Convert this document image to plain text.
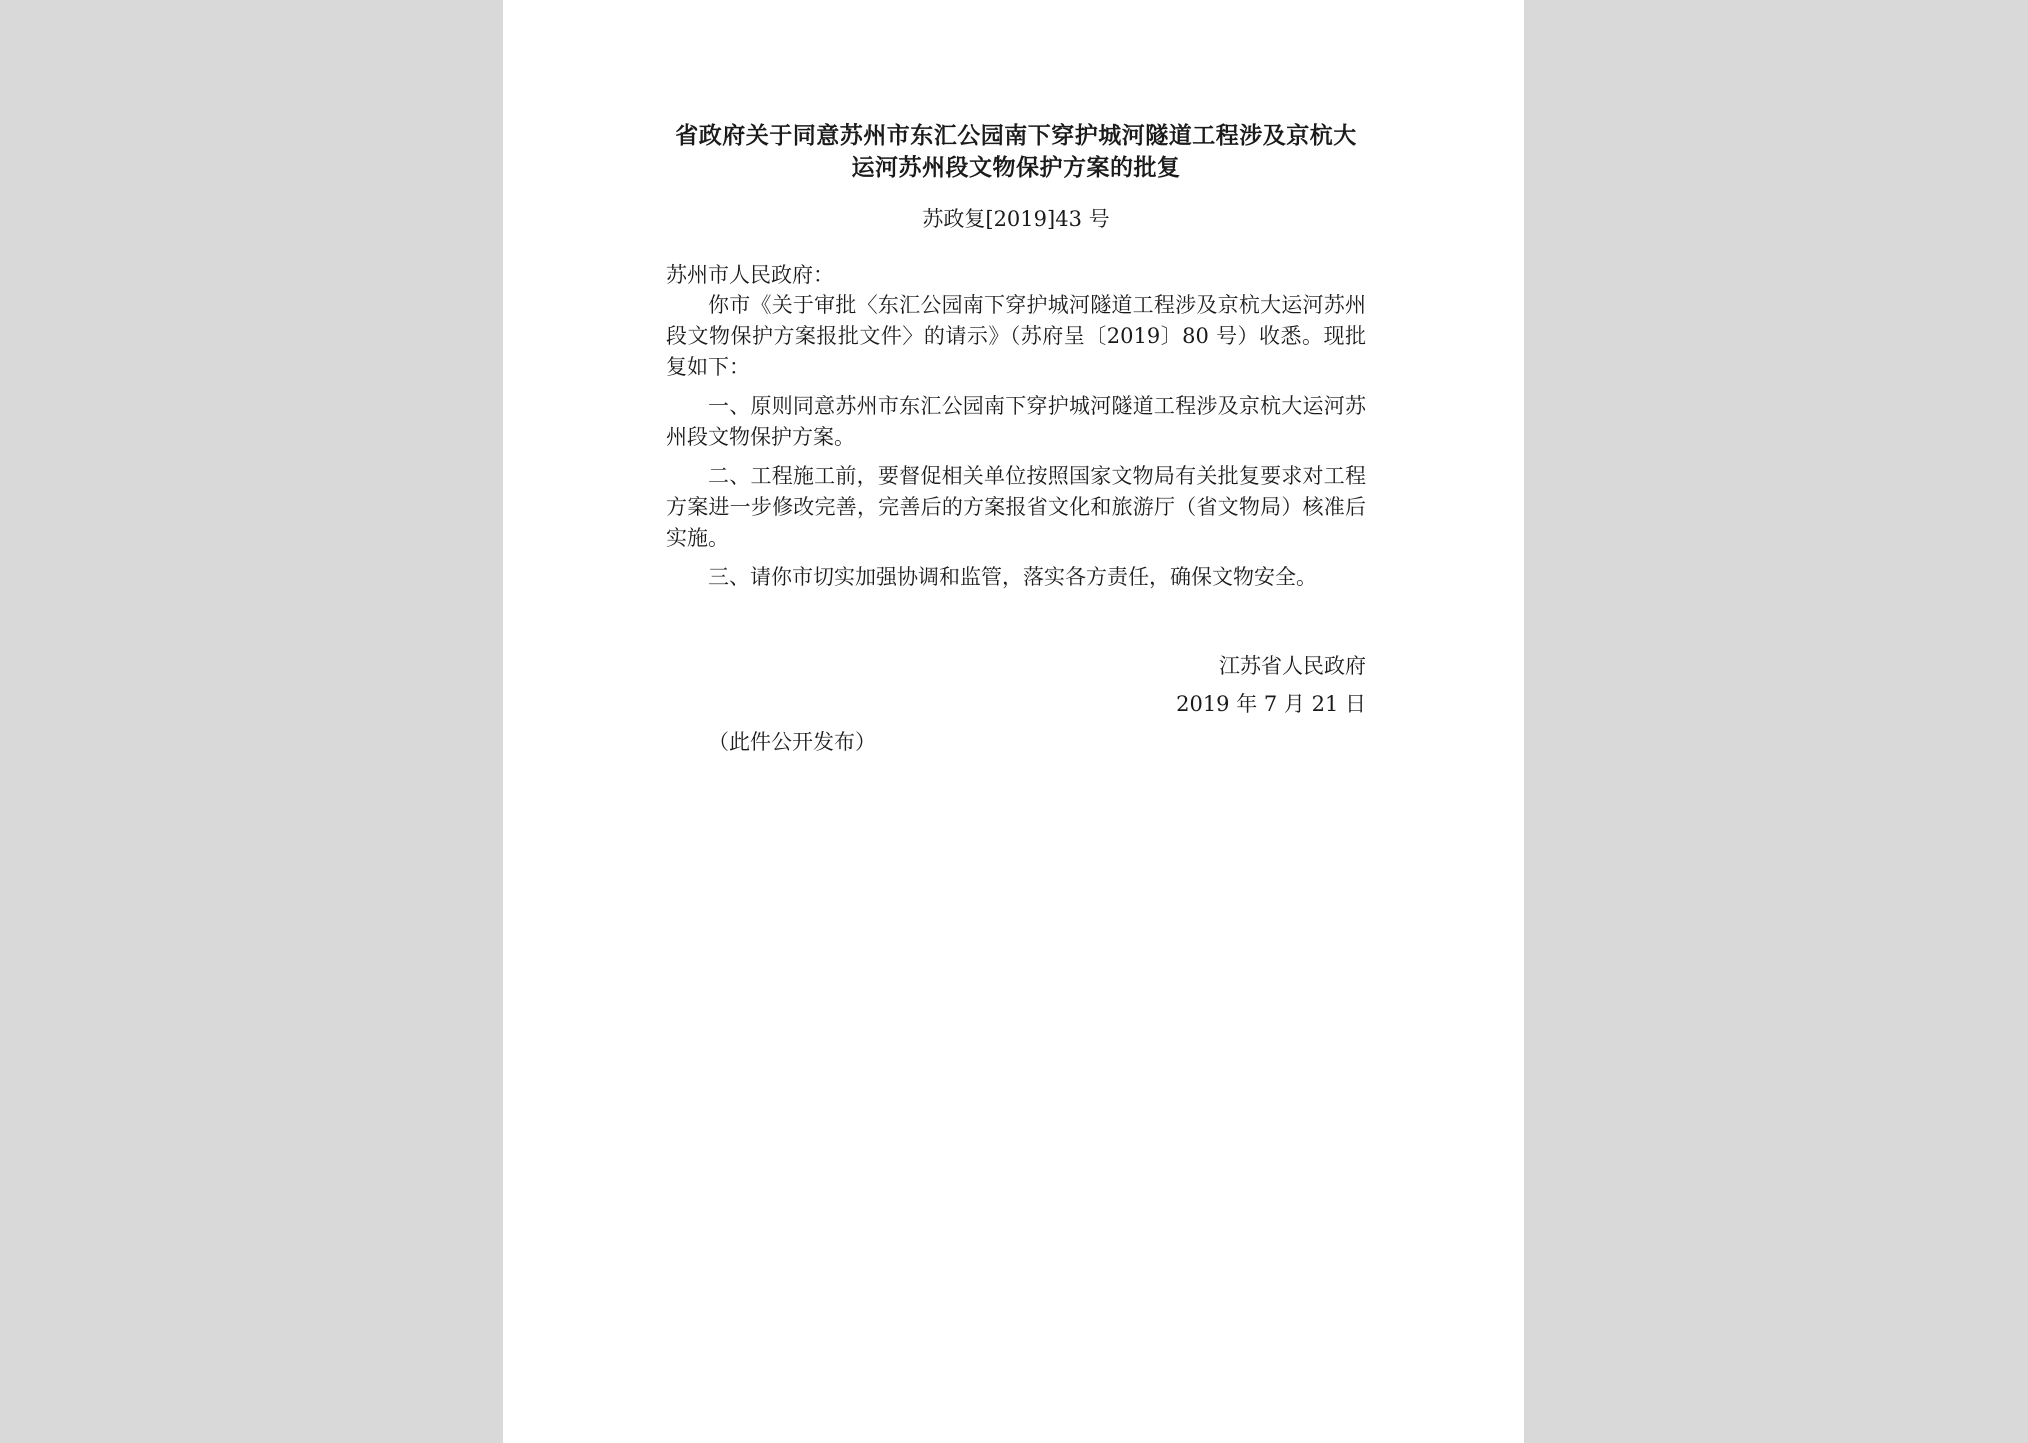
省政府关于同意苏州市东汇公园南下穿护城河隧道工程涉及京杭大运河苏州段文物保护方案的批复
苏政复[2019]43 号
苏州市人民政府：

你市《关于审批〈东汇公园南下穿护城河隧道工程涉及京杭大运河苏州段文物保护方案报批文件〉的请示》（苏府呈〔2019〕80 号）收悉。现批复如下：

一、原则同意苏州市东汇公园南下穿护城河隧道工程涉及京杭大运河苏州段文物保护方案。

二、工程施工前，要督促相关单位按照国家文物局有关批复要求对工程方案进一步修改完善，完善后的方案报省文化和旅游厅（省文物局）核准后实施。

三、请你市切实加强协调和监管，落实各方责任，确保文物安全。

江苏省人民政府
2019 年 7 月 21 日
（此件公开发布）
